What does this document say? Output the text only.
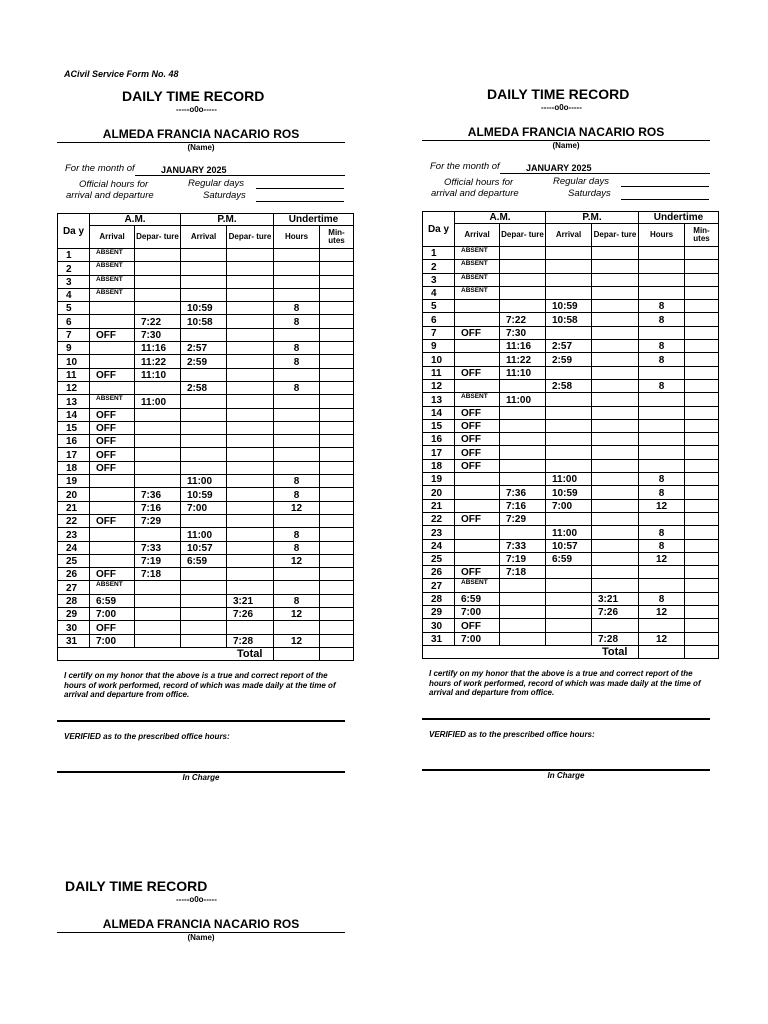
ACivil Service Form No. 48
DAILY TIME RECORD
-----o0o-----
ALMEDA FRANCIA NACARIO ROS
(Name)
For the month of	JANUARY 2025
Official hours for
arrival and departure
Regular days
Saturdays
Da y	A.M.		P.M.		Undertime	
	Arrival	Depar- ture	Arrival	Depar- ture	Hours	Min- utes
1	ABSENT					
2	ABSENT					
3	ABSENT					
4	ABSENT					
5			10:59		8	
6		7:22	10:58		8	
7	OFF	7:30				
9		11:16	2:57		8	
10		11:22	2:59		8	
11	OFF	11:10				
12			2:58		8	
13	ABSENT	11:00				
14	OFF					
15	OFF					
16	OFF					
17	OFF					
18	OFF					
19			11:00		8	
20		7:36	10:59		8	
21		7:16	7:00		12	
22	OFF	7:29				
23			11:00		8	
24		7:33	10:57		8	
25		7:19	6:59		12	
26	OFF	7:18				
27	ABSENT					
28	6:59			3:21	8	
29	7:00			7:26	12	
30	OFF					
31	7:00			7:28	12	
				Total		
I certify on my honor that the above is a true and correct report of the hours of work performed, record of which was made daily at the time of arrival and departure from office.
VERIFIED as to the prescribed office hours:
In Charge
DAILY TIME RECORD
-----o0o-----
ALMEDA FRANCIA NACARIO ROS
(Name)
For the month of	JANUARY 2025
Official hours for
arrival and departure
Regular days
Saturdays
Da y	A.M.		P.M.		Undertime	
	Arrival	Depar- ture	Arrival	Depar- ture	Hours	Min- utes
1	ABSENT					
2	ABSENT					
3	ABSENT					
4	ABSENT					
5			10:59		8	
6		7:22	10:58		8	
7	OFF	7:30				
9		11:16	2:57		8	
10		11:22	2:59		8	
11	OFF	11:10				
12			2:58		8	
13	ABSENT	11:00				
14	OFF					
15	OFF					
16	OFF					
17	OFF					
18	OFF					
19			11:00		8	
20		7:36	10:59		8	
21		7:16	7:00		12	
22	OFF	7:29				
23			11:00		8	
24		7:33	10:57		8	
25		7:19	6:59		12	
26	OFF	7:18				
27	ABSENT					
28	6:59			3:21	8	
29	7:00			7:26	12	
30	OFF					
31	7:00			7:28	12	
				Total		
I certify on my honor that the above is a true and correct report of the hours of work performed, record of which was made daily at the time of arrival and departure from office.
VERIFIED as to the prescribed office hours:
In Charge
DAILY TIME RECORD
-----o0o-----
ALMEDA FRANCIA NACARIO ROS
(Name)
